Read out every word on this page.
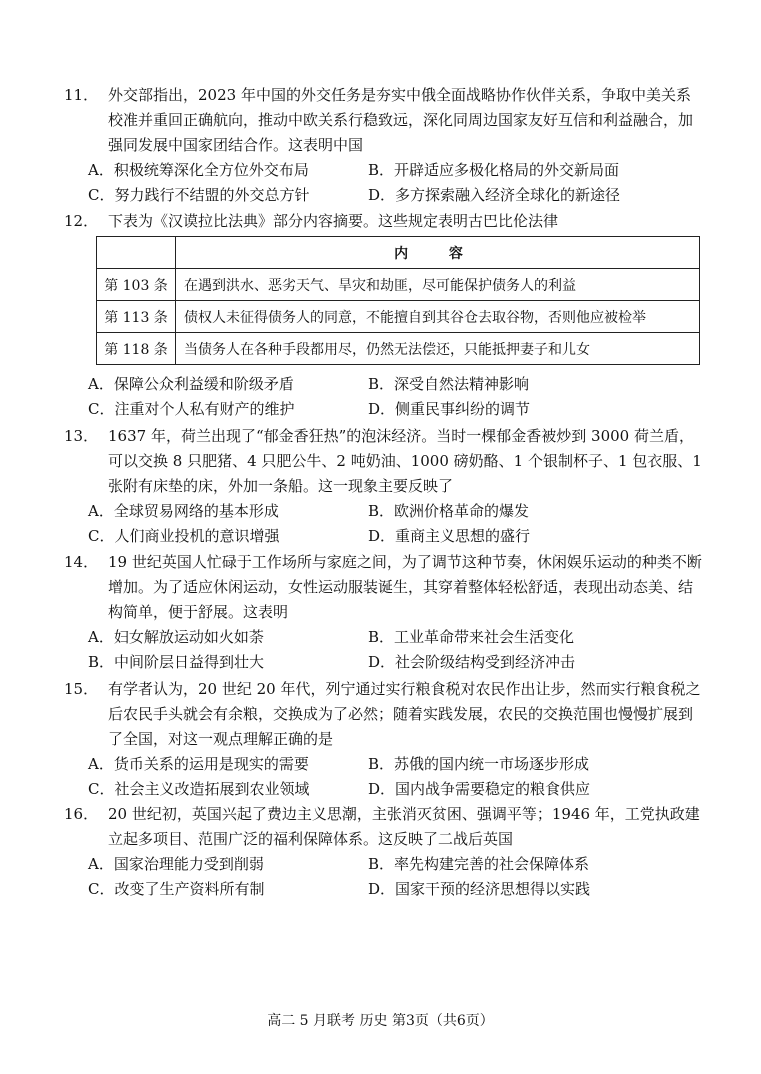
11． 外交部指出，2023 年中国的外交任务是夯实中俄全面战略协作伙伴关系，争取中美关系校准并重回正确航向，推动中欧关系行稳致远，深化同周边国家友好互信和利益融合，加强同发展中国家团结合作。这表明中国

A．积极统筹深化全方位外交布局	B．开辟适应多极化格局的外交新局面
C．努力践行不结盟的外交总方针	D．多方探索融入经济全球化的新途径

12． 下表为《汉谟拉比法典》部分内容摘要。这些规定表明古巴比伦法律

	内 容
第 103 条	在遇到洪水、恶劣天气、旱灾和劫匪，尽可能保护债务人的利益
第 113 条	债权人未征得债务人的同意，不能擅自到其谷仓去取谷物，否则他应被检举
第 118 条	当债务人在各种手段都用尽，仍然无法偿还，只能抵押妻子和儿女
A．保障公众利益缓和阶级矛盾	B．深受自然法精神影响
C．注重对个人私有财产的维护	D．侧重民事纠纷的调节

13． 1637 年，荷兰出现了“郁金香狂热”的泡沫经济。当时一棵郁金香被炒到 3000 荷兰盾，可以交换 8 只肥猪、4 只肥公牛、2 吨奶油、1000 磅奶酪、1 个银制杯子、1 包衣服、1 张附有床垫的床，外加一条船。这一现象主要反映了

A．全球贸易网络的基本形成	B．欧洲价格革命的爆发
C．人们商业投机的意识增强	D．重商主义思想的盛行

14． 19 世纪英国人忙碌于工作场所与家庭之间，为了调节这种节奏，休闲娱乐运动的种类不断增加。为了适应休闲运动，女性运动服装诞生，其穿着整体轻松舒适，表现出动态美、结构简单，便于舒展。这表明

A．妇女解放运动如火如荼	B．工业革命带来社会生活变化
B．中间阶层日益得到壮大	D．社会阶级结构受到经济冲击

15． 有学者认为，20 世纪 20 年代，列宁通过实行粮食税对农民作出让步，然而实行粮食税之后农民手头就会有余粮，交换成为了必然；随着实践发展，农民的交换范围也慢慢扩展到了全国，对这一观点理解正确的是

A．货币关系的运用是现实的需要	B．苏俄的国内统一市场逐步形成
C．社会主义改造拓展到农业领域	D．国内战争需要稳定的粮食供应

16． 20 世纪初，英国兴起了费边主义思潮，主张消灭贫困、强调平等；1946 年，工党执政建立起多项目、范围广泛的福利保障体系。这反映了二战后英国

A．国家治理能力受到削弱	B．率先构建完善的社会保障体系
C．改变了生产资料所有制	D．国家干预的经济思想得以实践
高二 5 月联考 历史 第3页（共6页）
